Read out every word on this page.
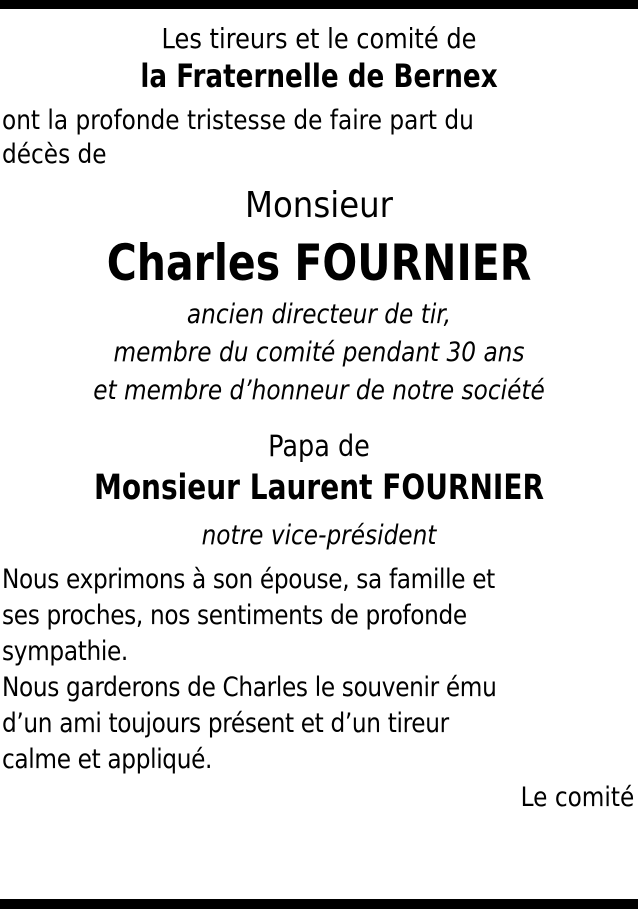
Les tireurs et le comité de
la Fraternelle de Bernex
ont la profonde tristesse de faire part du
décès de
Monsieur
Charles FOURNIER
ancien directeur de tir,
membre du comité pendant 30 ans
et membre d’honneur de notre société
Papa de
Monsieur Laurent FOURNIER
notre vice-président
Nous exprimons à son épouse, sa famille et
ses proches, nos sentiments de profonde
sympathie.
Nous garderons de Charles le souvenir ému
d’un ami toujours présent et d’un tireur
calme et appliqué.
Le comité
